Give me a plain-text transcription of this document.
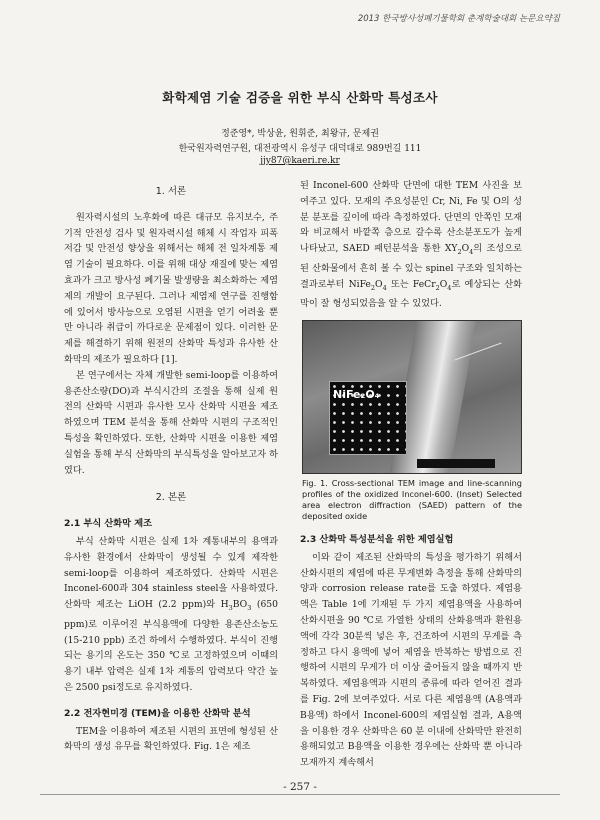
2013 한국방사성폐기물학회 춘계학술대회 논문요약집
화학제염 기술 검증을 위한 부식 산화막 특성조사
정준영*, 박상윤, 원휘준, 최왕규, 문제권
한국원자력연구원, 대전광역시 유성구 대덕대로 989번길 111
jjy87@kaeri.re.kr
1. 서론

원자력시설의 노후화에 따른 대규모 유지보수, 주기적 안전성 검사 및 원자력시설 해체 시 작업자 피폭저감 및 안전성 향상을 위해서는 해체 전 일차계통 제염 기술이 필요하다. 이를 위해 대상 재질에 맞는 제염효과가 크고 방사성 폐기물 발생량을 최소화하는 제염제의 개발이 요구된다. 그러나 제염제 연구를 진행함에 있어서 방사능으로 오염된 시편을 얻기 어려울 뿐만 아니라 취급이 까다로운 문제점이 있다. 이러한 문제를 해결하기 위해 원전의 산화막 특성과 유사한 산화막의 제조가 필요하다 [1].

본 연구에서는 자체 개발한 semi-loop를 이용하여 용존산소량(DO)과 부식시간의 조절을 통해 실제 원전의 산화막 시편과 유사한 모사 산화막 시편을 제조하였으며 TEM 분석을 통해 산화막 시편의 구조적인 특성을 확인하였다. 또한, 산화막 시편을 이용한 제염실험을 통해 부식 산화막의 부식특성을 알아보고자 하였다.

2. 본론
2.1 부식 산화막 제조

부식 산화막 시편은 실제 1차 계통내부의 용액과 유사한 환경에서 산화막이 생성될 수 있게 제작한 semi-loop를 이용하여 제조하였다. 산화막 시편은 Inconel-600과 304 stainless steel을 사용하였다. 산화막 제조는 LiOH (2.2 ppm)와 $H_3BO_3$ (650 ppm)로 이루어진 부식용액에 다양한 용존산소농도 (15-210 ppb) 조건 하에서 수행하였다. 부식이 진행되는 용기의 온도는 350 ℃로 고정하였으며 이때의 용기 내부 압력은 실제 1차 계통의 압력보다 약간 높은 2500 psi정도로 유지하였다.

2.2 전자현미경 (TEM)을 이용한 산화막 분석

TEM을 이용하여 제조된 시편의 표면에 형성된 산화막의 생성 유무를 확인하였다. Fig. 1은 제조

된 Inconel-600 산화막 단면에 대한 TEM 사진을 보여주고 있다. 모재의 주요성분인 Cr, Ni, Fe 및 O의 성분 분포를 깊이에 따라 측정하였다. 단면의 안쪽인 모재와 비교해서 바깥쪽 층으로 갈수록 산소분포도가 높게 나타났고, SAED 패턴분석을 통한 $XY_2O_4$의 조성으로 된 산화물에서 흔히 볼 수 있는 spinel 구조와 일치하는 결과로부터 $NiFe_2O_4$ 또는 $FeCr_2O_4$로 예상되는 산화막이 잘 형성되었음을 알 수 있었다.

NiFe₂O₄
Fig. 1. Cross-sectional TEM image and line-scanning profiles of the oxidized Inconel-600. (Inset) Selected area electron diffraction (SAED) pattern of the deposited oxide
2.3 산화막 특성분석을 위한 제염실험

이와 같이 제조된 산화막의 특성을 평가하기 위해서 산화시편의 제염에 따른 무게변화 측정을 통해 산화막의 양과 corrosion release rate를 도출 하였다. 제염용액은 Table 1에 기재된 두 가지 제염용액을 사용하여 산화시편을 90 ℃로 가열한 상태의 산화용액과 환원용액에 각각 30분씩 넣은 후, 건조하여 시편의 무게를 측정하고 다시 용액에 넣어 제염을 반복하는 방법으로 진행하여 시편의 무게가 더 이상 줄어들지 않을 때까지 반복하였다. 제염용액과 시편의 종류에 따라 얻어진 결과를 Fig. 2에 보여주었다. 서로 다른 제염용액 (A용액과 B용액) 하에서 Inconel-600의 제염실험 결과, A용액을 이용한 경우 산화막은 60 분 이내에 산화막만 완전히 용해되었고 B용액을 이용한 경우에는 산화막 뿐 아니라 모재까지 계속해서

- 257 -
